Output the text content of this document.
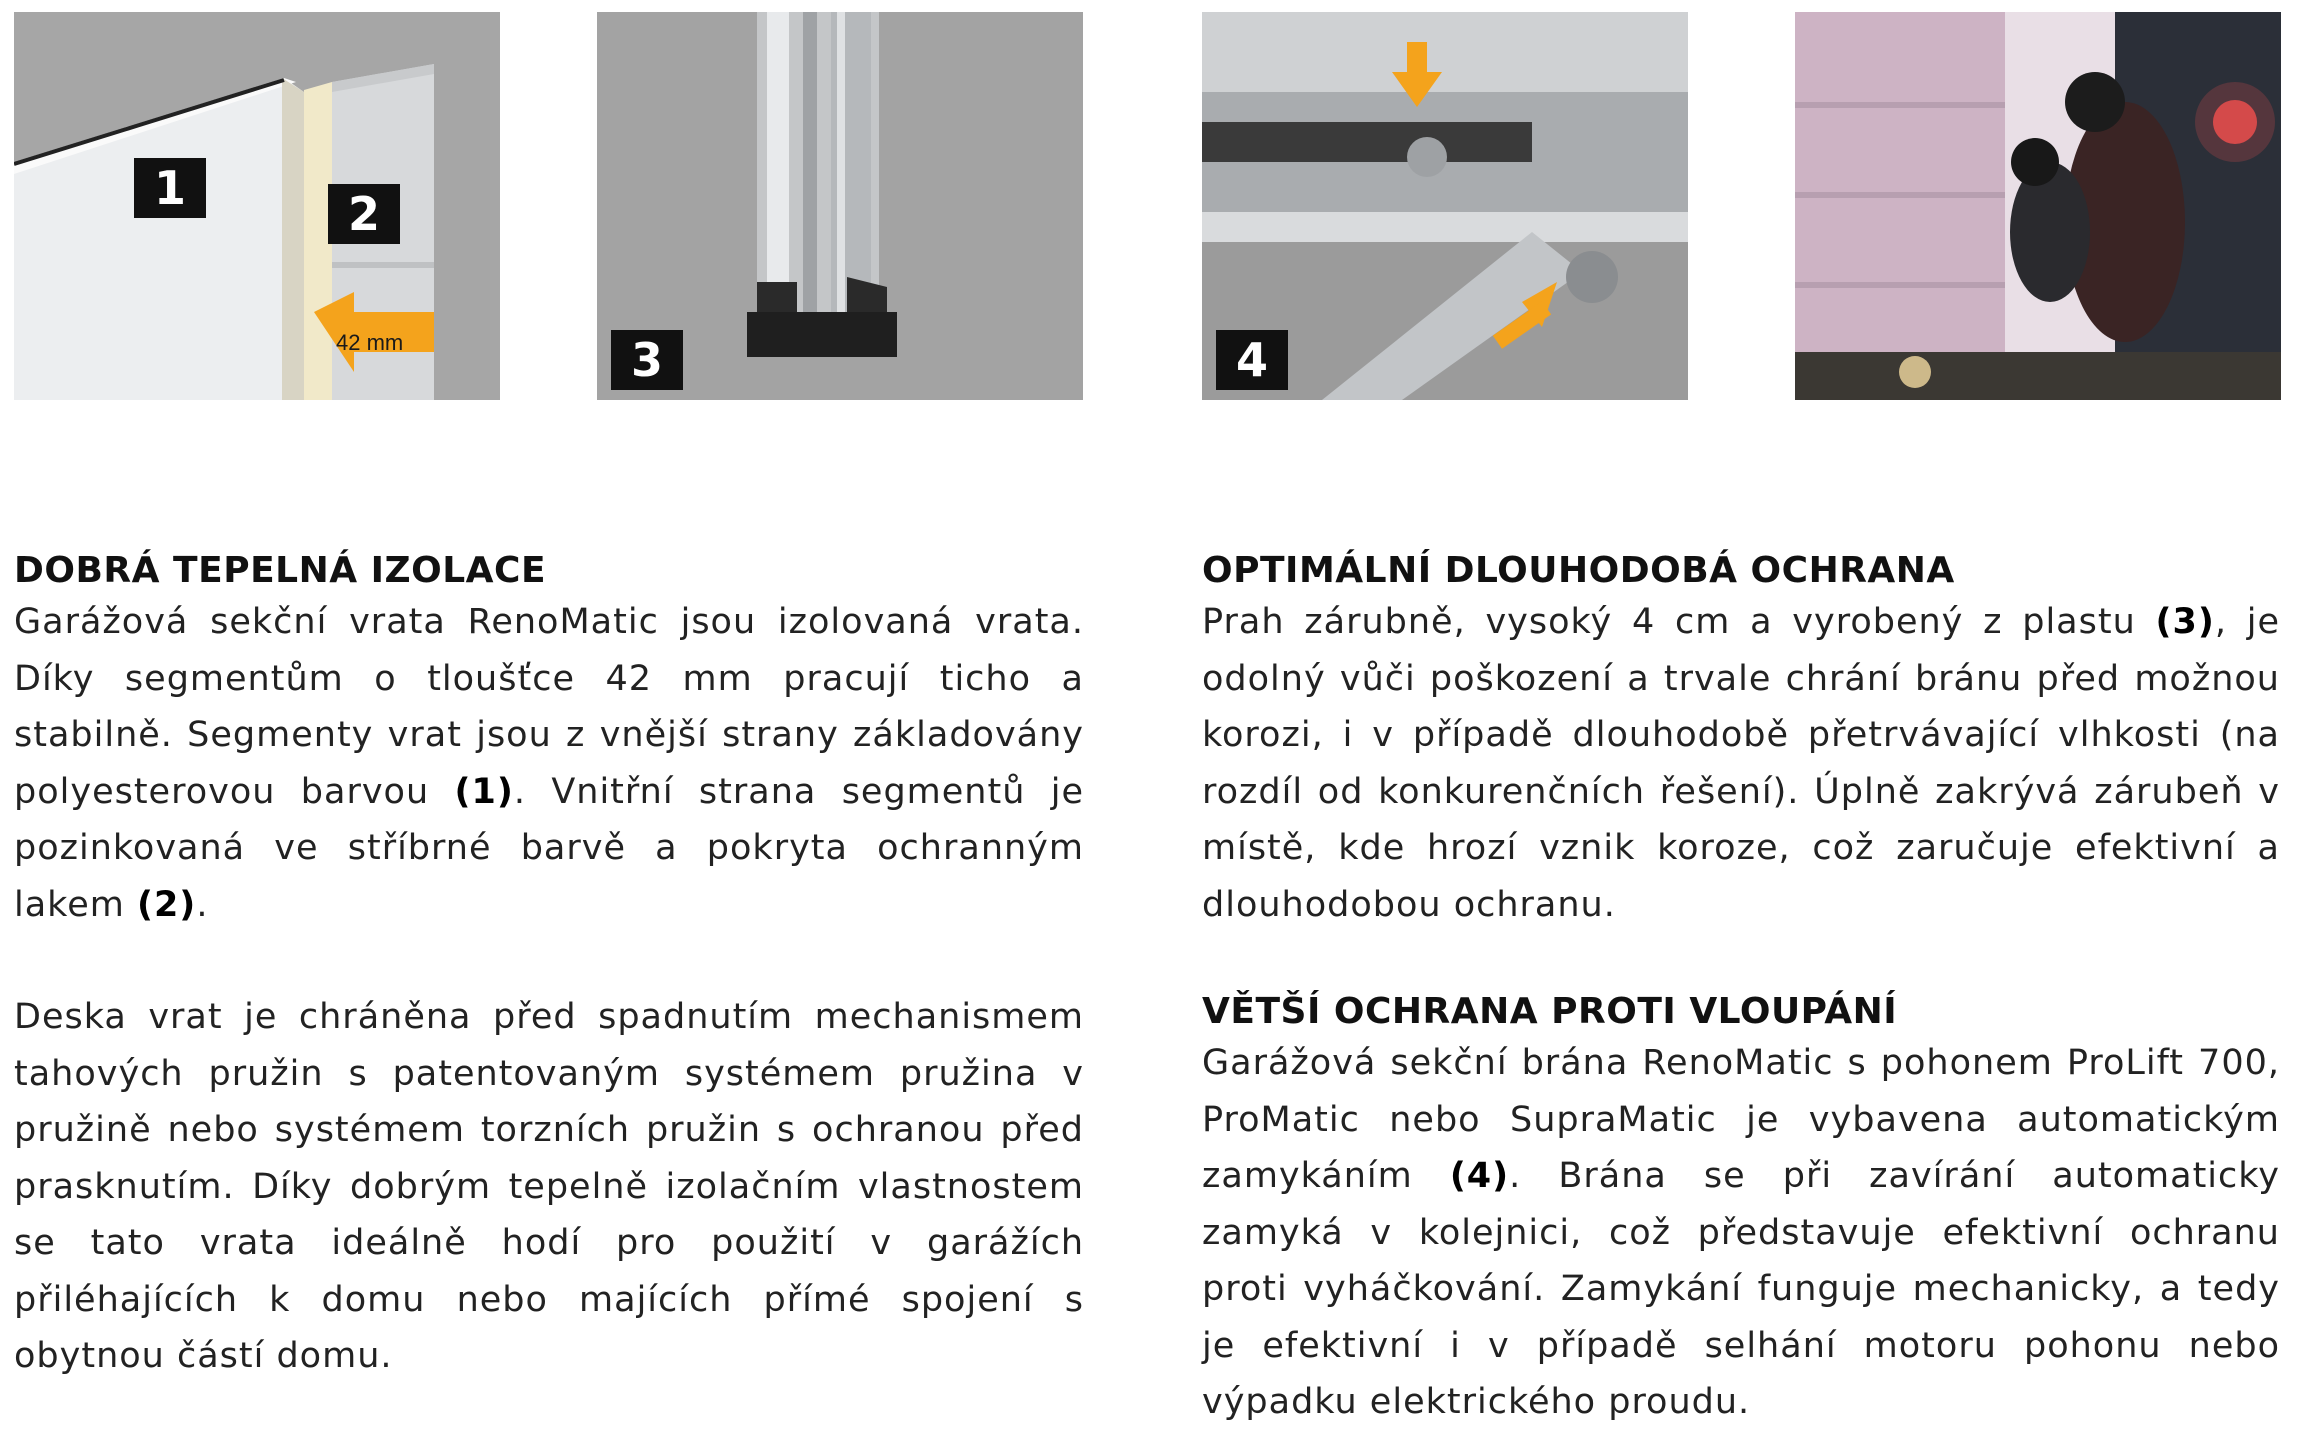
1	2
42 mm	3	4
DOBRÁ TEPELNÁ IZOLACE

Garážová sekční vrata RenoMatic jsou izolovaná vrata. Díky segmentům o tloušťce 42 mm pracují ticho a stabilně. Segmenty vrat jsou z vnější strany základovány polyesterovou barvou (1). Vnitřní strana segmentů je pozinkovaná ve stříbrné barvě a pokryta ochranným lakem (2).

Deska vrat je chráněna před spadnutím mechanismem tahových pružin s patentovaným systémem pružina v pružině nebo systémem torzních pružin s ochranou před prasknutím. Díky dobrým tepelně izolačním vlastnostem se tato vrata ideálně hodí pro použití v garážích přiléhajících k domu nebo majících přímé spojení s obytnou částí domu.

OPTIMÁLNÍ DLOUHODOBÁ OCHRANA

Prah zárubně, vysoký 4 cm a vyrobený z plastu (3), je odolný vůči poškození a trvale chrání bránu před možnou korozi, i v případě dlouhodobě přetrvávající vlhkosti (na rozdíl od konkurenčních řešení). Úplně zakrývá zárubeň v místě, kde hrozí vznik koroze, což zaručuje efektivní a dlouhodobou ochranu.

VĚTŠÍ OCHRANA PROTI VLOUPÁNÍ

Garážová sekční brána RenoMatic s pohonem ProLift 700, ProMatic nebo SupraMatic je vybavena automatickým zamykáním (4). Brána se při zavírání automaticky zamyká v kolejnici, což představuje efektivní ochranu proti vyháčkování. Zamykání funguje mechanicky, a tedy je efektivní i v případě selhání motoru pohonu nebo výpadku elektrického proudu.
